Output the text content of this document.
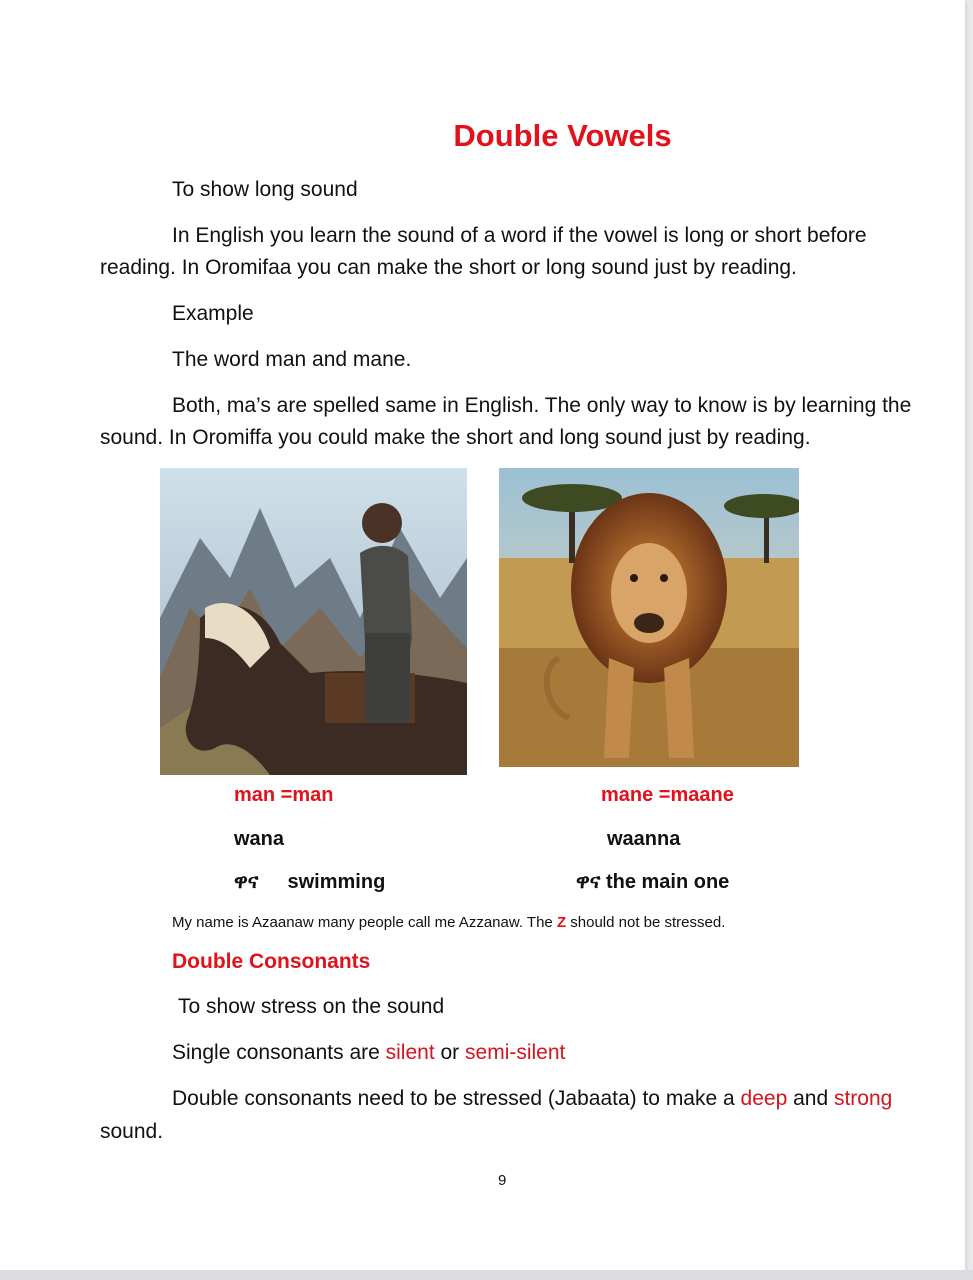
Double Vowels
To show long sound
In English you learn the sound of a word if the vowel is long or short before
reading. In Oromifaa you can make the short or long sound just by reading.
Example
The word man and mane.
Both, ma’s are spelled same in English. The only way to know is by learning the
sound. In Oromiffa you could make the short and long sound just by reading.
man =man
wana
ዋና swimming
mane =maane
waanna
ዋና the main one
My name is Azaanaw many people call me Azzanaw. The Z should not be stressed.
Double Consonants
To show stress on the sound
Single consonants are silent or semi-silent
Double consonants need to be stressed (Jabaata) to make a deep and strong
sound.
9
